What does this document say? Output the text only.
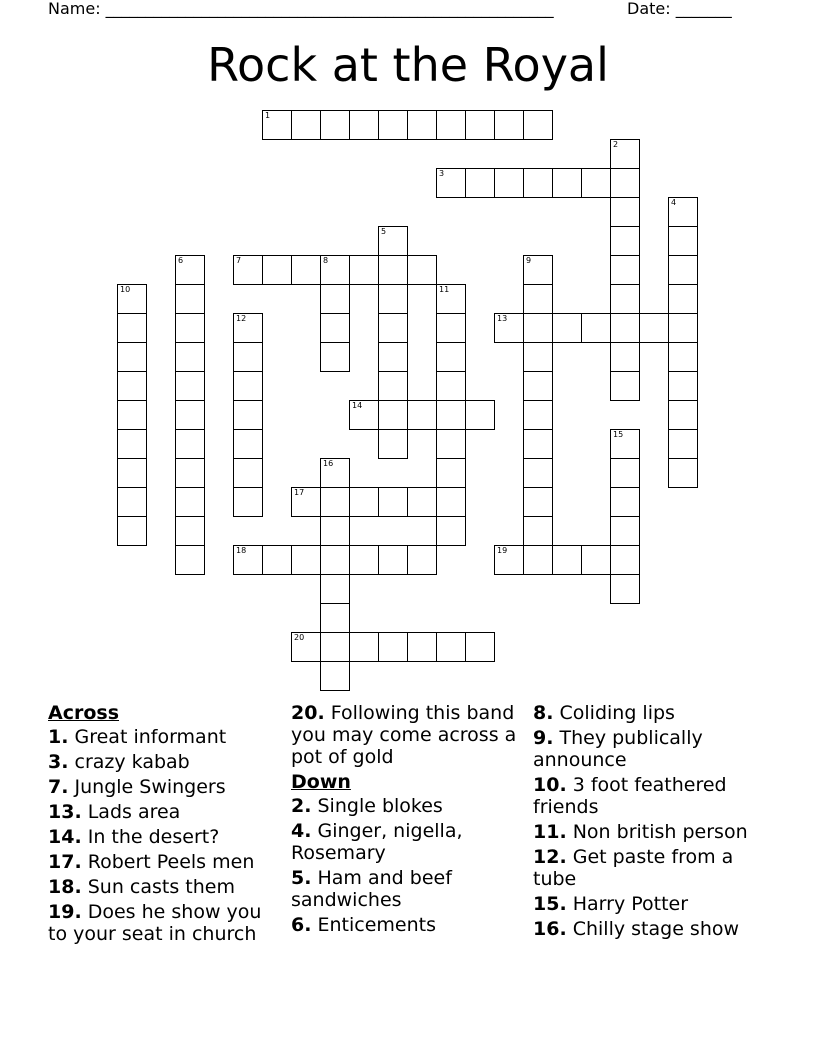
Name: ________________________________________________________	Date: _______
Rock at the Royal
1
3
7	8
13
14
17
18	19
20
2
4
5
6	9
10	11
12
15
16
Across
1. Great informant
3. crazy kabab
7. Jungle Swingers
13. Lads area
14. In the desert?
17. Robert Peels men
18. Sun casts them
19. Does he show you to your seat in church
20. Following this band you may come across a pot of gold
Down
2. Single blokes
4. Ginger, nigella, Rosemary
5. Ham and beef sandwiches
6. Enticements
8. Coliding lips
9. They publically announce
10. 3 foot feathered friends
11. Non british person
12. Get paste from a tube
15. Harry Potter
16. Chilly stage show
